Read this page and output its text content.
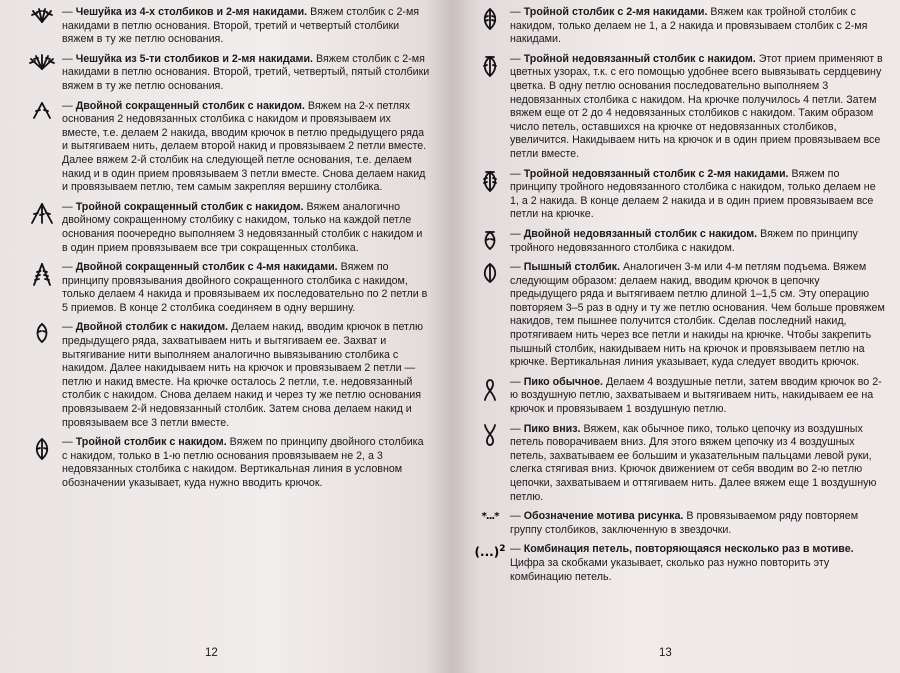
— Чешуйка из 4-х столбиков и 2-мя накидами. Вяжем столбик с 2-мя накидами в петлю основания. Второй, третий и четвертый столбики вяжем в ту же петлю основания.
— Чешуйка из 5-ти столбиков и 2-мя накидами. Вяжем столбик с 2-мя накидами в петлю основания. Второй, третий, четвертый, пятый столбики вяжем в ту же петлю основания.
— Двойной сокращенный столбик с накидом. Вяжем на 2-х петлях основания 2 недовязанных столбика с накидом и провязываем их вместе, т.е. делаем 2 накида, вводим крючок в петлю предыдущего ряда и вытягиваем нить, делаем второй накид и провязываем 2 петли вместе. Далее вяжем 2-й столбик на следующей петле основания, т.е. делаем накид и в один прием провязываем 3 петли вместе. Снова делаем накид и провязываем петлю, тем самым закрепляя вершину столбика.
— Тройной сокращенный столбик с накидом. Вяжем аналогично двойному сокращенному столбику с накидом, только на каждой петле основания поочередно выполняем 3 недовязанный столбик с накидом и в один прием провязываем все три сокращенных столбика.
— Двойной сокращенный столбик с 4-мя накидами. Вяжем по принципу провязывания двойного сокращенного столбика с накидом, только делаем 4 накида и провязываем их последовательно по 2 петли в 5 приемов. В конце 2 столбика соединяем в одну вершину.
— Двойной столбик с накидом. Делаем накид, вводим крючок в петлю предыдущего ряда, захватываем нить и вытягиваем ее. Захват и вытягивание нити выполняем аналогично вывязыванию столбика с накидом. Далее накидываем нить на крючок и провязываем 2 петли — петлю и накид вместе. На крючке осталось 2 петли, т.е. недовязанный столбик с накидом. Снова делаем накид и через ту же петлю основания провязываем 2-й недовязанный столбик. Затем снова делаем накид и провязываем все 3 петли вместе.
— Тройной столбик с накидом. Вяжем по принципу двойного столбика с накидом, только в 1-ю петлю основания провязываем не 2, а 3 недовязанных столбика с накидом. Вертикальная линия в условном обозначении указывает, куда нужно вводить крючок.
12
— Тройной столбик с 2-мя накидами. Вяжем как тройной столбик с накидом, только делаем не 1, а 2 накида и провязываем столбик с 2-мя накидами.
— Тройной недовязанный столбик с накидом. Этот прием применяют в цветных узорах, т.к. с его помощью удобнее всего вывязывать сердцевину цветка. В одну петлю основания последовательно выполняем 3 недовязанных столбика с накидом. На крючке получилось 4 петли. Затем вяжем еще от 2 до 4 недовязанных столбиков с накидом. Таким образом число петель, оставшихся на крючке от недовязанных столбиков, увеличится. Накидываем нить на крючок и в один прием провязываем все петли вместе.
— Тройной недовязанный столбик с 2-мя накидами. Вяжем по принципу тройного недовязанного столбика с накидом, только делаем не 1, а 2 накида. В конце делаем 2 накида и в один прием провязываем все петли на крючке.
— Двойной недовязанный столбик с накидом. Вяжем по принципу тройного недовязанного столбика с накидом.
— Пышный столбик. Аналогичен 3-м или 4-м петлям подъема. Вяжем следующим образом: делаем накид, вводим крючок в цепочку предыдущего ряда и вытягиваем петлю длиной 1–1,5 см. Эту операцию повторяем 3–5 раз в одну и ту же петлю основания. Чем больше провяжем накидов, тем пышнее получится столбик. Сделав последний накид, протягиваем нить через все петли и накиды на крючке. Чтобы закрепить пышный столбик, накидываем нить на крючок и провязываем петлю на крючке. Вертикальная линия указывает, куда следует вводить крючок.
— Пико обычное. Делаем 4 воздушные петли, затем вводим крючок во 2-ю воздушную петлю, захватываем и вытягиваем нить, накидываем ее на крючок и провязываем 1 воздушную петлю.
— Пико вниз. Вяжем, как обычное пико, только цепочку из воздушных петель поворачиваем вниз. Для этого вяжем цепочку из 4 воздушных петель, захватываем ее большим и указательным пальцами левой руки, слегка стягивая вниз. Крючок движением от себя вводим во 2-ю петлю цепочки, захватываем и оттягиваем нить. Далее вяжем еще 1 воздушную петлю.
*...* — Обозначение мотива рисунка. В провязываемом ряду повторяем группу столбиков, заключенную в звездочки.
(...)$^2$ — Комбинация петель, повторяющаяся несколько раз в мотиве. Цифра за скобками указывает, сколько раз нужно повторить эту комбинацию петель.
13
